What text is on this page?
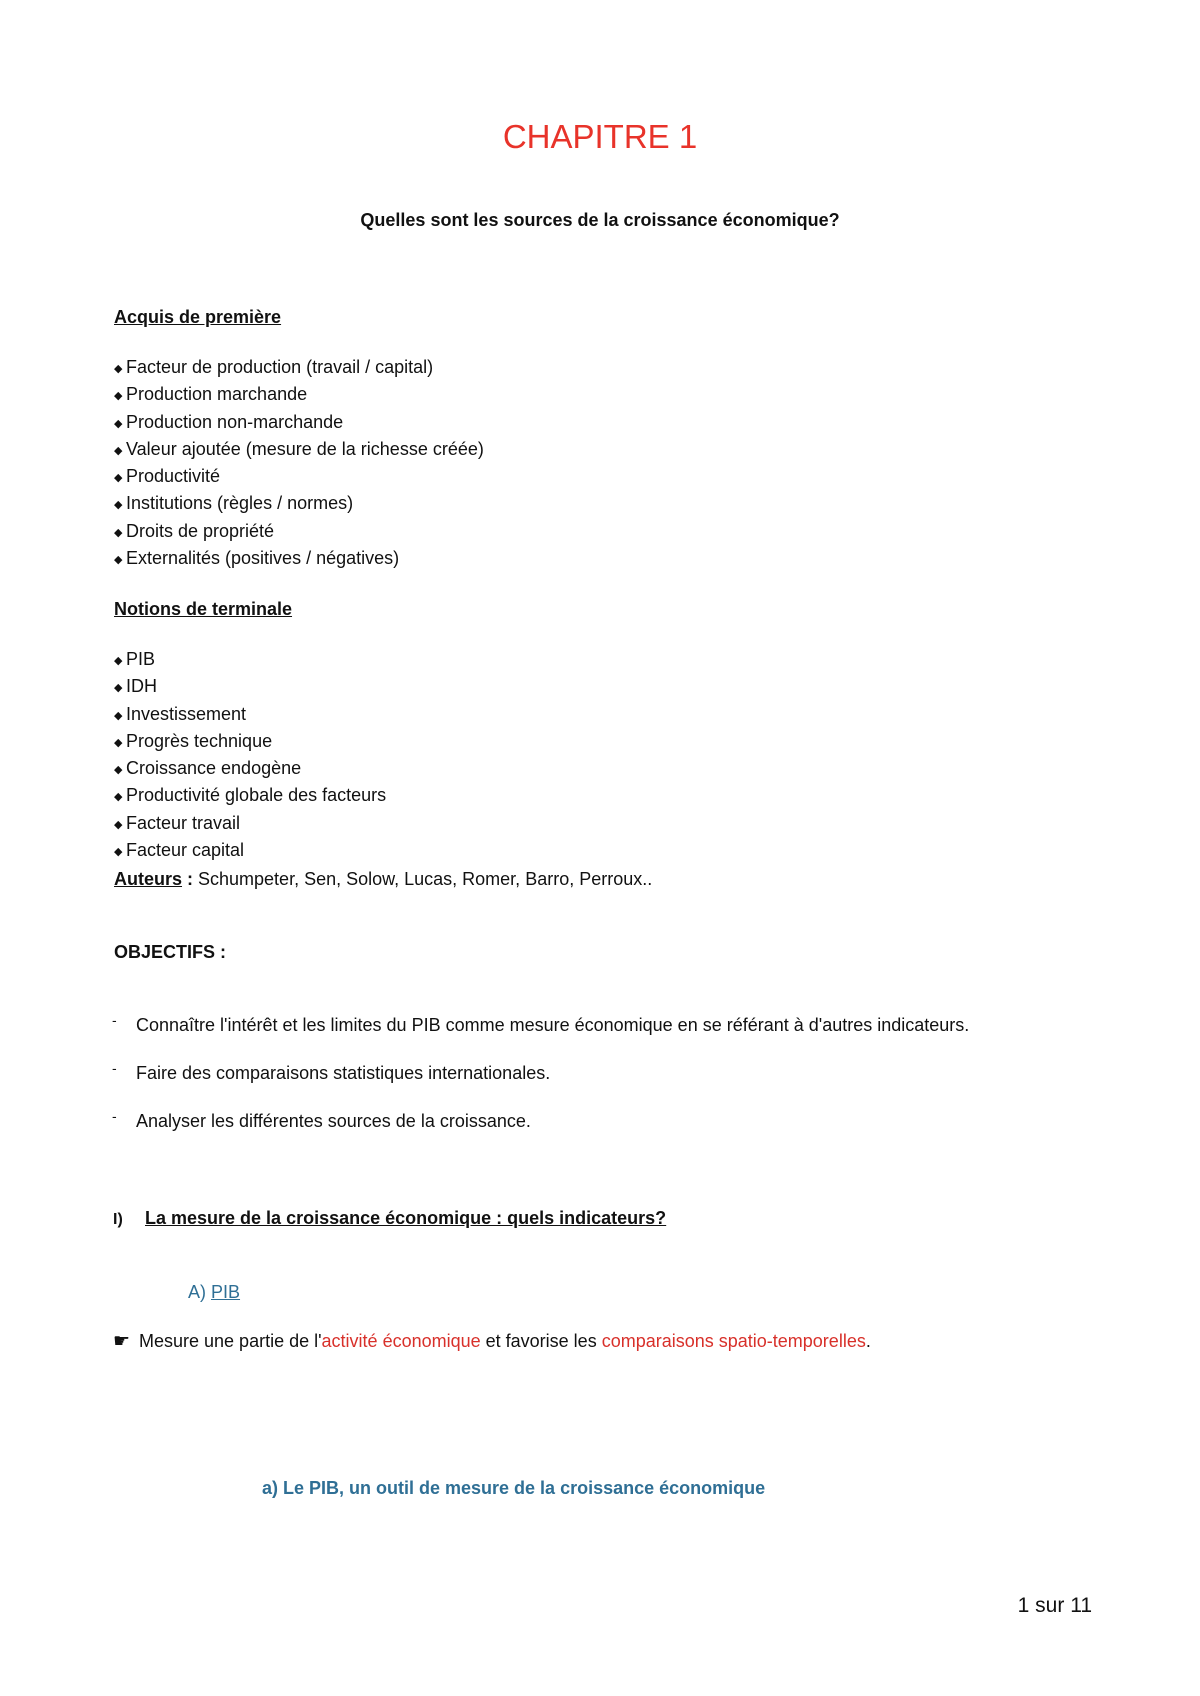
CHAPITRE 1
Quelles sont les sources de la croissance économique?
Acquis de première
◆ Facteur de production (travail / capital)
◆ Production marchande
◆ Production non-marchande
◆ Valeur ajoutée (mesure de la richesse créée)
◆ Productivité
◆ Institutions (règles / normes)
◆ Droits de propriété
◆ Externalités (positives / négatives)
Notions de terminale
◆ PIB
◆ IDH
◆ Investissement
◆ Progrès technique
◆ Croissance endogène
◆ Productivité globale des facteurs
◆ Facteur travail
◆ Facteur capital
Auteurs : Schumpeter, Sen, Solow, Lucas, Romer, Barro, Perroux..
OBJECTIFS :
- Connaître l'intérêt et les limites du PIB comme mesure économique en se référant à d'autres indicateurs.
- Faire des comparaisons statistiques internationales.
- Analyser les différentes sources de la croissance.
I) La mesure de la croissance économique : quels indicateurs?
A) PIB
☛ Mesure une partie de l'activité économique et favorise les comparaisons spatio-temporelles.
a) Le PIB, un outil de mesure de la croissance économique
1 sur 11
